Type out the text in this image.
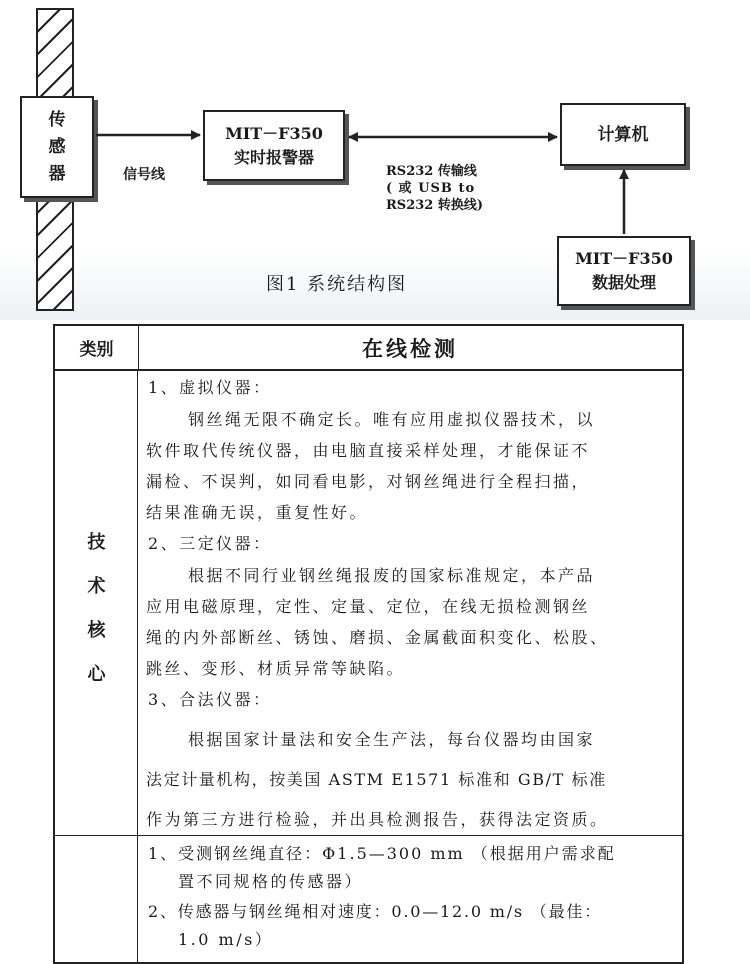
传
感
器
MIT－F350
实时报警器
计算机
MIT－F350
数据处理
信号线	RS232 传输线
( 或 USB to
RS232 转换线)
图1 系统结构图
类别	在线检测
技
术
核
心
1、虚拟仪器：
钢丝绳无限不确定长。唯有应用虚拟仪器技术，以
软件取代传统仪器，由电脑直接采样处理，才能保证不
漏检、不误判，如同看电影，对钢丝绳进行全程扫描，
结果准确无误，重复性好。
2、三定仪器：
根据不同行业钢丝绳报废的国家标准规定，本产品
应用电磁原理，定性、定量、定位，在线无损检测钢丝
绳的内外部断丝、锈蚀、磨损、金属截面积变化、松股、
跳丝、变形、材质异常等缺陷。
3、合法仪器：
根据国家计量法和安全生产法，每台仪器均由国家
法定计量机构，按美国 ASTM E1571 标准和 GB/T 标准
作为第三方进行检验，并出具检测报告，获得法定资质。
1、受测钢丝绳直径：Φ1.5—300 mm （根据用户需求配
置不同规格的传感器）
2、传感器与钢丝绳相对速度：0.0—12.0 m/s （最佳：
1.0 m/s）
